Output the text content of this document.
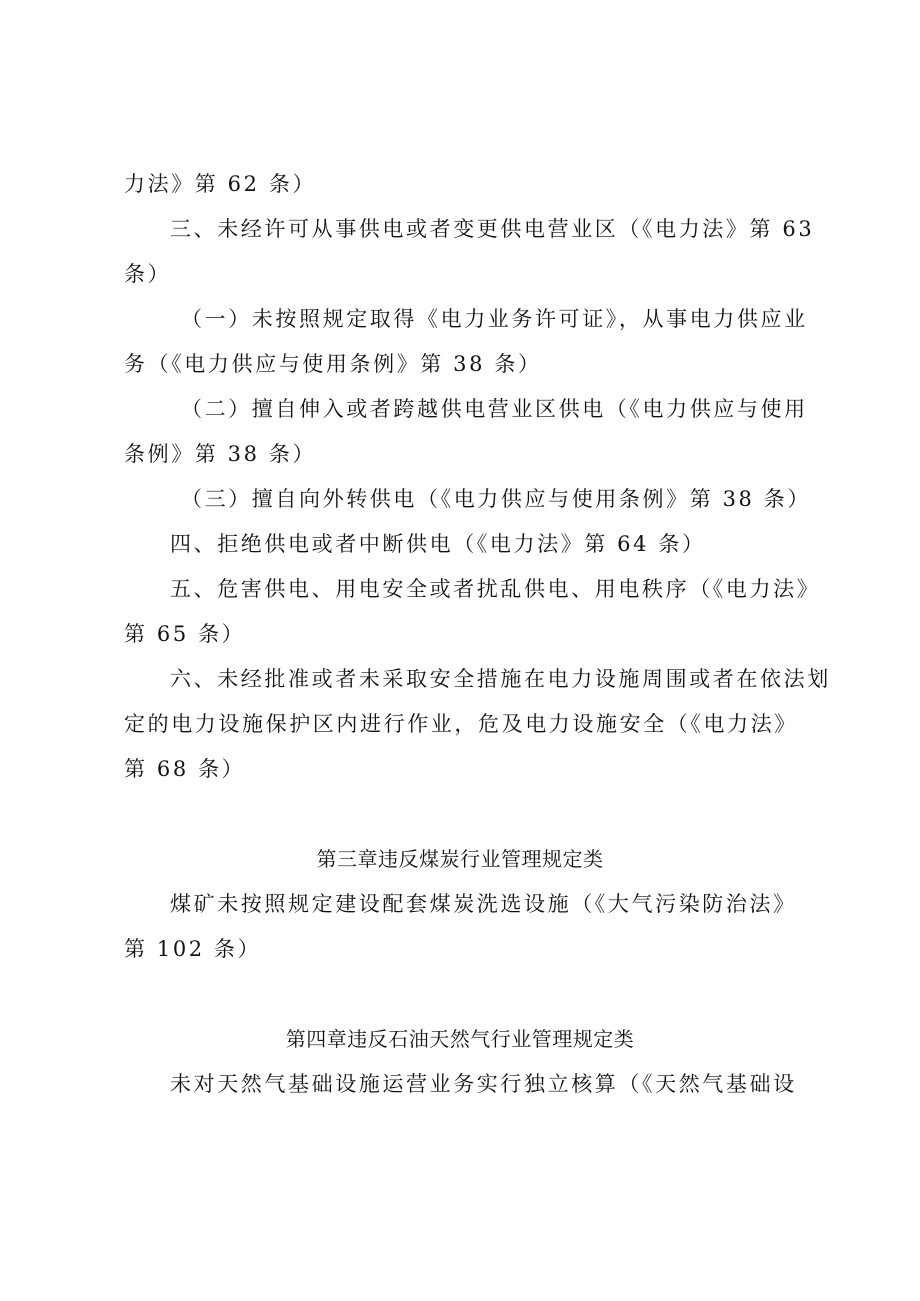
力法》第 62 条）
三、未经许可从事供电或者变更供电营业区（《电力法》第 63
条）
（一）未按照规定取得《电力业务许可证》，从事电力供应业
务（《电力供应与使用条例》第 38 条）
（二）擅自伸入或者跨越供电营业区供电（《电力供应与使用
条例》第 38 条）
（三）擅自向外转供电（《电力供应与使用条例》第 38 条）
四、拒绝供电或者中断供电（《电力法》第 64 条）
五、危害供电、用电安全或者扰乱供电、用电秩序（《电力法》
第 65 条）
六、未经批准或者未采取安全措施在电力设施周围或者在依法划
定的电力设施保护区内进行作业，危及电力设施安全（《电力法》
第 68 条）
第三章违反煤炭行业管理规定类
煤矿未按照规定建设配套煤炭洗选设施（《大气污染防治法》
第 102 条）
第四章违反石油天然气行业管理规定类
未对天然气基础设施运营业务实行独立核算（《天然气基础设
